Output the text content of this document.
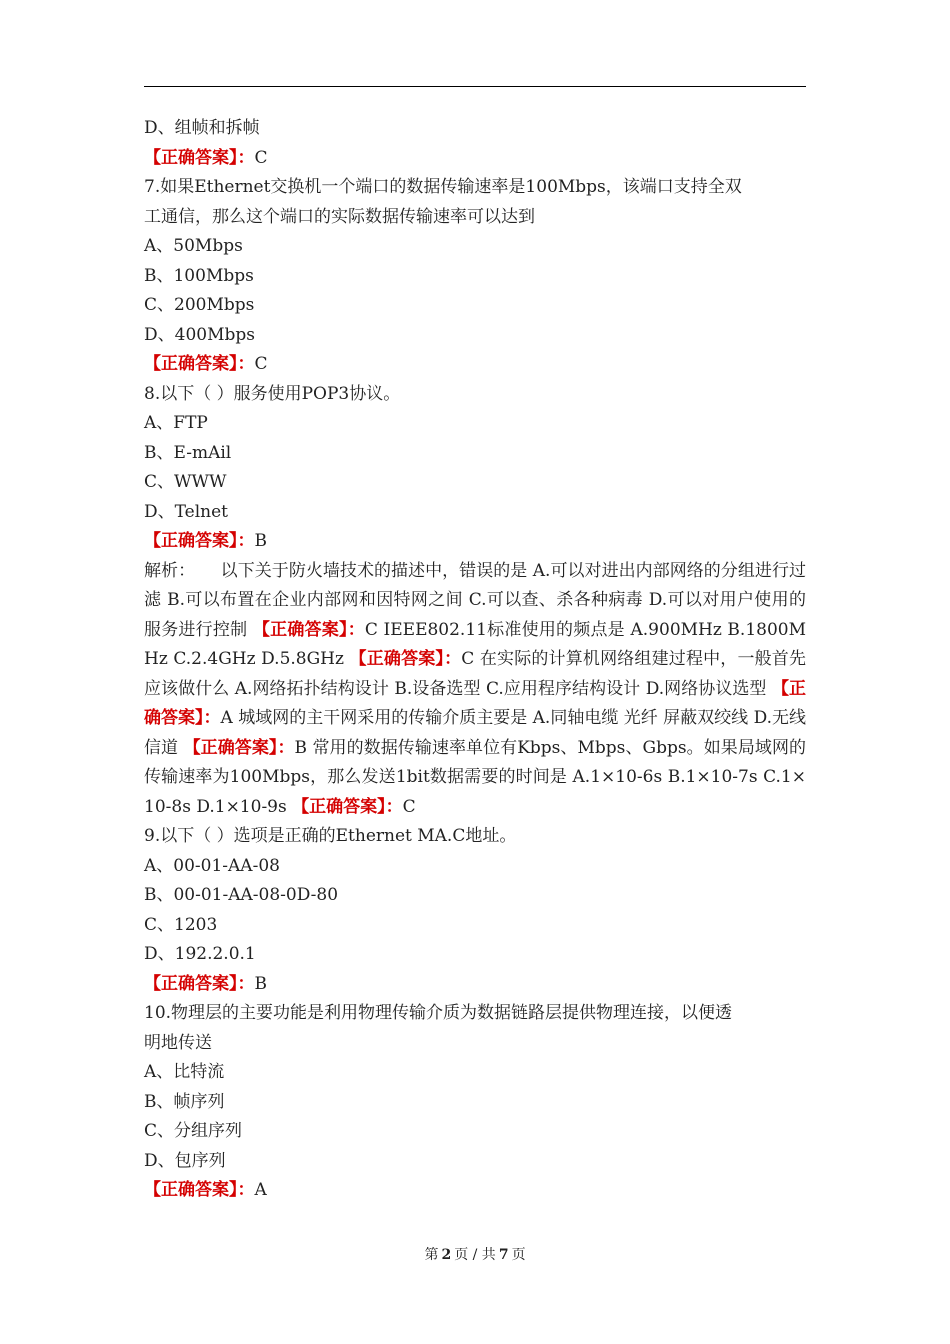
D、组帧和拆帧
【正确答案】：C
7.如果Ethernet交换机一个端口的数据传输速率是100Mbps，该端口支持全双
工通信，那么这个端口的实际数据传输速率可以达到
A、50Mbps
B、100Mbps
C、200Mbps
D、400Mbps
【正确答案】：C
8.以下（ ）服务使用POP3协议。
A、FTP
B、E-mAil
C、WWW
D、Telnet
【正确答案】：B
解析：　　以下关于防火墙技术的描述中，错误的是 A.可以对进出内部网络的分组进行过滤 B.可以布置在企业内部网和因特网之间 C.可以查、杀各种病毒 D.可以对用户使用的服务进行控制 【正确答案】：C IEEE802.11标准使用的频点是 A.900MHz B.1800MHz C.2.4GHz D.5.8GHz 【正确答案】：C 在实际的计算机网络组建过程中，一般首先应该做什么 A.网络拓扑结构设计 B.设备选型 C.应用程序结构设计 D.网络协议选型 【正确答案】：A 城域网的主干网采用的传输介质主要是 A.同轴电缆 光纤 屏蔽双绞线 D.无线信道 【正确答案】：B 常用的数据传输速率单位有Kbps、Mbps、Gbps。如果局域网的传输速率为100Mbps，那么发送1bit数据需要的时间是 A.1×10-6s B.1×10-7s C.1×10-8s D.1×10-9s 【正确答案】：C
9.以下（ ）选项是正确的Ethernet MA.C地址。
A、00-01-AA-08
B、00-01-AA-08-0D-80
C、1203
D、192.2.0.1
【正确答案】：B
10.物理层的主要功能是利用物理传输介质为数据链路层提供物理连接，以便透
明地传送
A、比特流
B、帧序列
C、分组序列
D、包序列
【正确答案】：A
第 2 页 / 共 7 页
